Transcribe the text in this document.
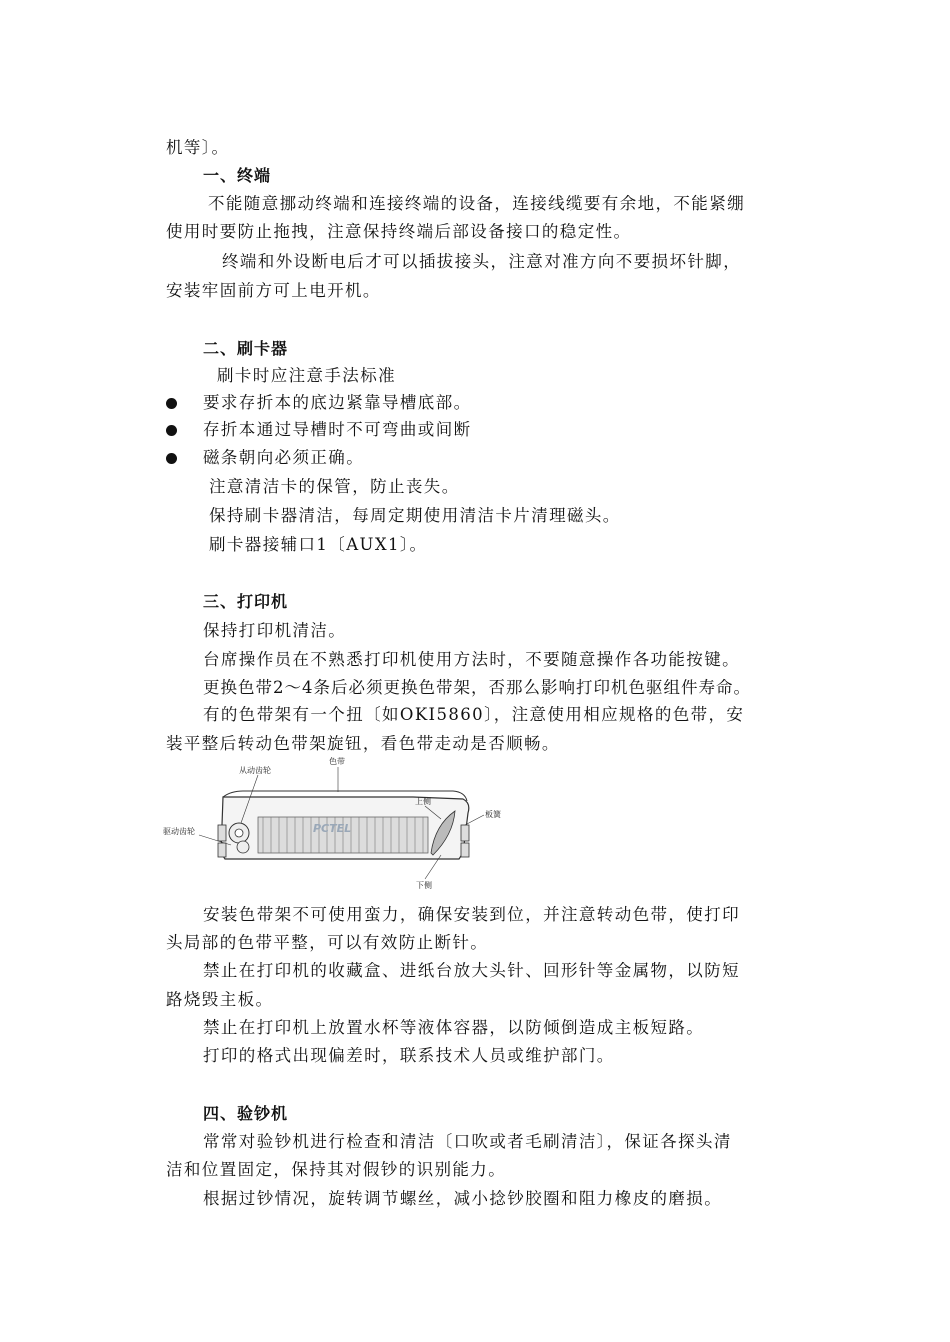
机等〕。
一、终端
不能随意挪动终端和连接终端的设备，连接线缆要有余地，不能紧绷
使用时要防止拖拽，注意保持终端后部设备接口的稳定性。
终端和外设断电后才可以插拔接头，注意对准方向不要损坏针脚，
安装牢固前方可上电开机。
二、刷卡器
刷卡时应注意手法标准
要求存折本的底边紧靠导槽底部。
存折本通过导槽时不可弯曲或间断
磁条朝向必须正确。
注意清洁卡的保管，防止丧失。
保持刷卡器清洁，每周定期使用清洁卡片清理磁头。
刷卡器接辅口1〔AUX1〕。
三、打印机
保持打印机清洁。
台席操作员在不熟悉打印机使用方法时，不要随意操作各功能按键。
更换色带2～4条后必须更换色带架，否那么影响打印机色驱组件寿命。
有的色带架有一个扭〔如OKI5860〕，注意使用相应规格的色带，安
装平整后转动色带架旋钮，看色带走动是否顺畅。
PCTEL
从动齿轮
色带
上侧
板簧
驱动齿轮
下侧
安装色带架不可使用蛮力，确保安装到位，并注意转动色带，使打印
头局部的色带平整，可以有效防止断针。
禁止在打印机的收藏盒、进纸台放大头针、回形针等金属物，以防短
路烧毁主板。
禁止在打印机上放置水杯等液体容器，以防倾倒造成主板短路。
打印的格式出现偏差时，联系技术人员或维护部门。
四、验钞机
常常对验钞机进行检查和清洁〔口吹或者毛刷清洁〕，保证各探头清
洁和位置固定，保持其对假钞的识别能力。
根据过钞情况，旋转调节螺丝，减小捻钞胶圈和阻力橡皮的磨损。
